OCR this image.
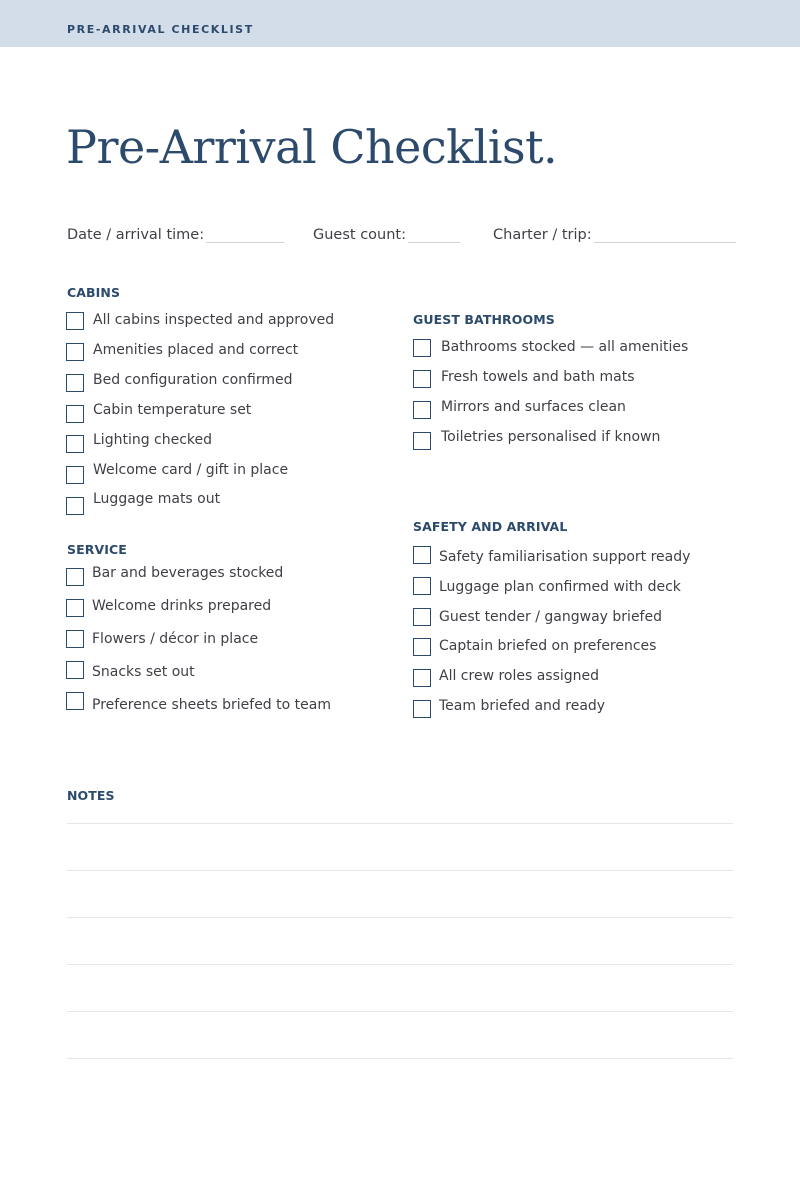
PRE-ARRIVAL CHECKLIST
Pre-Arrival Checklist.
Date / arrival time:	Guest count:	Charter / trip:
CABINS
All cabins inspected and approved
Amenities placed and correct
Bed configuration confirmed
Cabin temperature set
Lighting checked
Welcome card / gift in place
Luggage mats out
SERVICE
Bar and beverages stocked
Welcome drinks prepared
Flowers / décor in place
Snacks set out
Preference sheets briefed to team
GUEST BATHROOMS
Bathrooms stocked — all amenities
Fresh towels and bath mats
Mirrors and surfaces clean
Toiletries personalised if known
SAFETY AND ARRIVAL
Safety familiarisation support ready
Luggage plan confirmed with deck
Guest tender / gangway briefed
Captain briefed on preferences
All crew roles assigned
Team briefed and ready
NOTES
